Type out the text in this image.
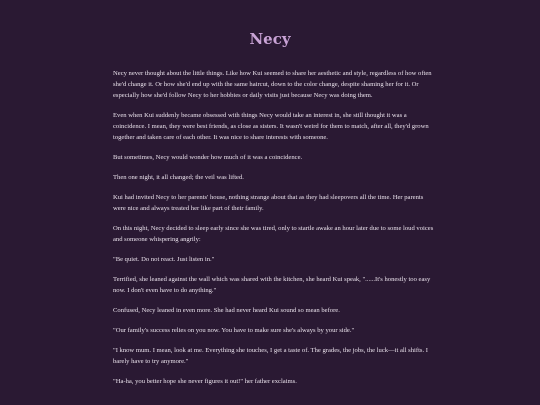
Necy

Necy never thought about the little things. Like how Kui seemed to share her aesthetic and style, regardless of how often she'd change it. Or how she'd end up with the same haircut, down to the color change, despite shaming her for it. Or especially how she'd follow Necy to her hobbies or daily visits just because Necy was doing them.

Even when Kui suddenly became obsessed with things Necy would take an interest in, she still thought it was a coincidence. I mean, they were best friends, as close as sisters. It wasn't weird for them to match, after all, they'd grown together and taken care of each other. It was nice to share interests with someone.

But sometimes, Necy would wonder how much of it was a coincidence.

Then one night, it all changed; the veil was lifted.

Kui had invited Necy to her parents' house, nothing strange about that as they had sleepovers all the time. Her parents were nice and always treated her like part of their family.

On this night, Necy decided to sleep early since she was tired, only to startle awake an hour later due to some loud voices and someone whispering angrily:

"Be quiet. Do not react. Just listen in."

Terrified, she leaned against the wall which was shared with the kitchen, she heard Kui speak, "......It's honestly too easy now. I don't even have to do anything."

Confused, Necy leaned in even more. She had never heard Kui sound so mean before.

"Our family's success relies on you now. You have to make sure she's always by your side."

"I know mum. I mean, look at me. Everything she touches, I get a taste of. The grades, the jobs, the luck—it all shifts. I barely have to try anymore."

"Ha-ha, you better hope she never figures it out!" her father exclaims.
